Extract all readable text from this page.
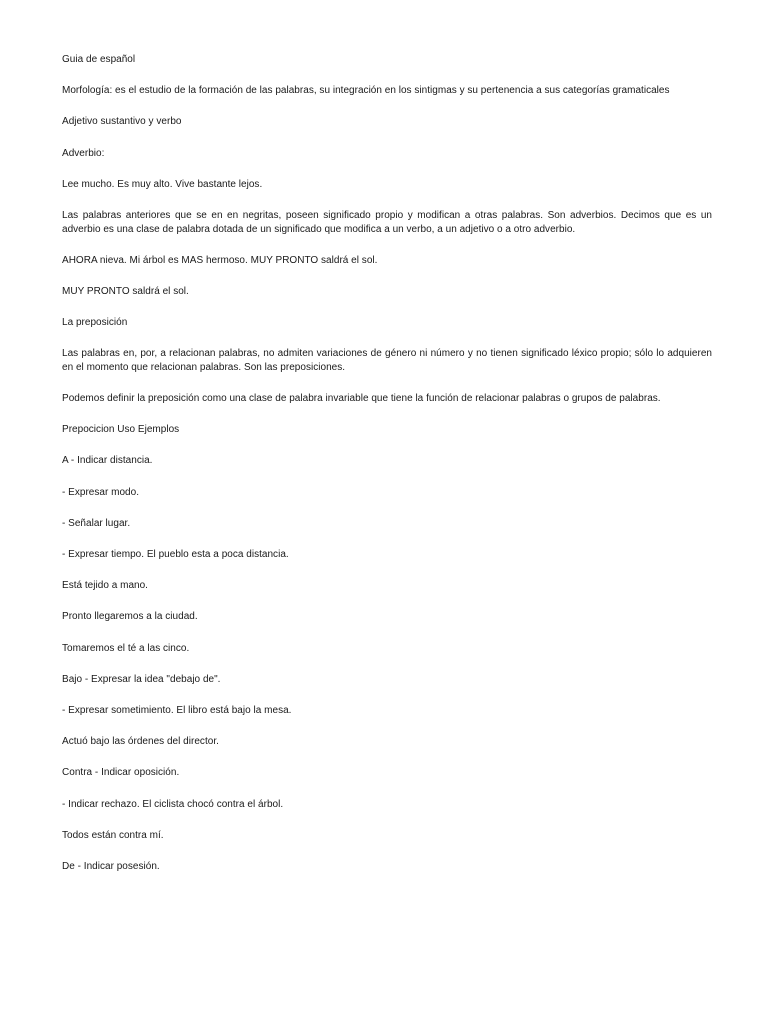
Guia de español

Morfología: es el estudio de la formación de las palabras, su integración en los sintigmas y su pertenencia a sus categorías gramaticales

Adjetivo sustantivo y verbo

Adverbio:

Lee mucho. Es muy alto. Vive bastante lejos.

Las palabras anteriores que se en en negritas, poseen significado propio y modifican a otras palabras. Son adverbios. Decimos que es un adverbio es una clase de palabra dotada de un significado que modifica a un verbo, a un adjetivo o a otro adverbio.

AHORA nieva. Mi árbol es MAS hermoso. MUY PRONTO saldrá el sol.

MUY PRONTO saldrá el sol.

La preposición

Las palabras en, por, a relacionan palabras, no admiten variaciones de género ni número y no tienen significado léxico propio; sólo lo adquieren en el momento que relacionan palabras. Son las preposiciones.

Podemos definir la preposición como una clase de palabra invariable que tiene la función de relacionar palabras o grupos de palabras.

Prepocicion Uso Ejemplos

A - Indicar distancia.

- Expresar modo.

- Señalar lugar.

- Expresar tiempo. El pueblo esta a poca distancia.

Está tejido a mano.

Pronto llegaremos a la ciudad.

Tomaremos el té a las cinco.

Bajo - Expresar la idea "debajo de".

- Expresar sometimiento. El libro está bajo la mesa.

Actuó bajo las órdenes del director.

Contra - Indicar oposición.

- Indicar rechazo. El ciclista chocó contra el árbol.

Todos están contra mí.

De - Indicar posesión.
